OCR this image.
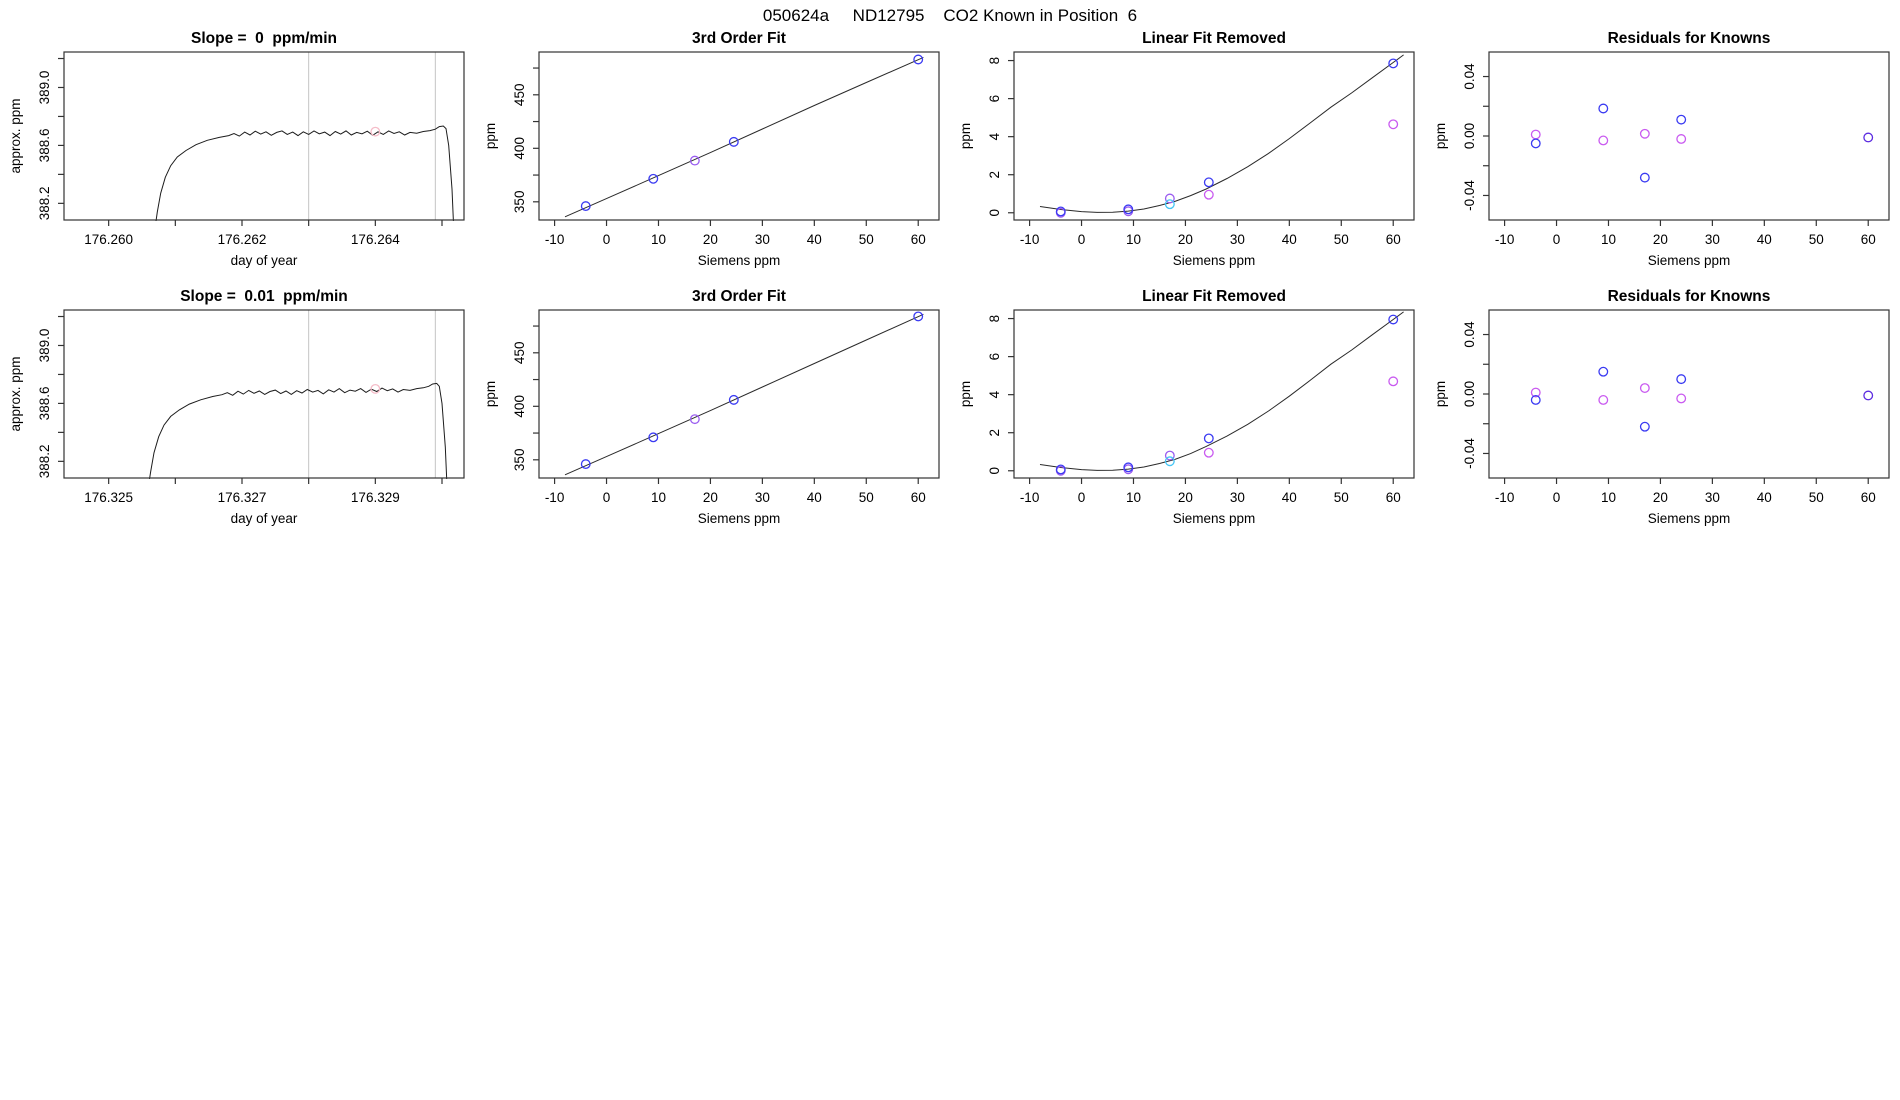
050624a     ND12795    CO2 Known in Position  6
176.260	176.262	176.264
388.2
388.6
389.0
Slope =  0  ppm/min
day of year
approx. ppm
-10	0	10	20	30	40	50	60
350
400
450
3rd Order Fit
Siemens ppm
ppm
-10	0	10	20	30	40	50	60
0
2
4
6
8
Linear Fit Removed
Siemens ppm
ppm
-10	0	10	20	30	40	50	60
-0.04
0.00
0.04
Residuals for Knowns
Siemens ppm
ppm
176.325	176.327	176.329
388.2
388.6
389.0
Slope =  0.01  ppm/min
day of year
approx. ppm
-10	0	10	20	30	40	50	60
350
400
450
3rd Order Fit
Siemens ppm
ppm
-10	0	10	20	30	40	50	60
0
2
4
6
8
Linear Fit Removed
Siemens ppm
ppm
-10	0	10	20	30	40	50	60
-0.04
0.00
0.04
Residuals for Knowns
Siemens ppm
ppm
